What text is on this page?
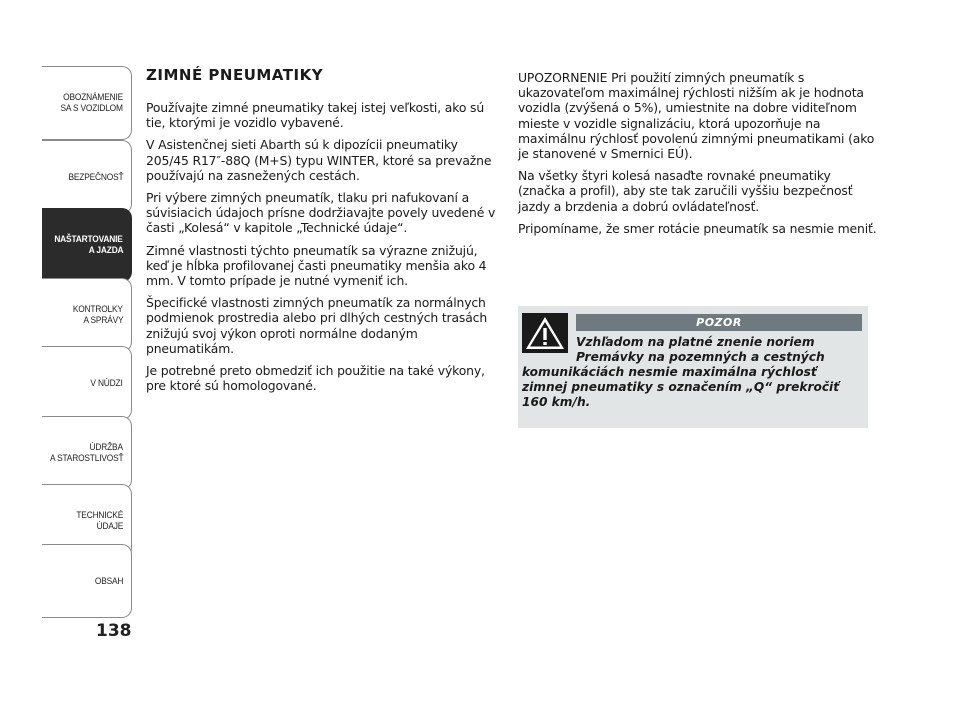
OBOZNÁMENIE
SA S VOZIDLOM
BEZPEČNOSŤ
NAŠTARTOVANIE
A JAZDA
KONTROLKY
A SPRÁVY
V NÚDZI
ÚDRŽBA
A STAROSTLIVOSŤ
TECHNICKÉ
ÚDAJE
OBSAH
138
ZIMNÉ PNEUMATIKY

Používajte zimné pneumatiky takej istej veľkosti, ako sú tie, ktorými je vozidlo vybavené.

V Asistenčnej sieti Abarth sú k dipozícii pneumatiky 205/45 R17″-88Q (M+S) typu WINTER, ktoré sa prevažne používajú na zasnežených cestách.

Pri výbere zimných pneumatík, tlaku pri nafukovaní a súvisiacich údajoch prísne dodržiavajte povely uvedené v časti „Kolesá“ v kapitole „Technické údaje“.

Zimné vlastnosti týchto pneumatík sa výrazne znižujú, keď je hĺbka profilovanej časti pneumatiky menšia ako 4 mm. V tomto prípade je nutné vymeniť ich.

Špecifické vlastnosti zimných pneumatík za normálnych podmienok prostredia alebo pri dlhých cestných trasách znižujú svoj výkon oproti normálne dodaným pneumatikám.

Je potrebné preto obmedziť ich použitie na také výkony, pre ktoré sú homologované.

UPOZORNENIE Pri použití zimných pneumatík s ukazovateľom maximálnej rýchlosti nižším ak je hodnota vozidla (zvýšená o 5%), umiestnite na dobre viditeľnom mieste v vozidle signalizáciu, ktorá upozorňuje na maximálnu rýchlosť povolenú zimnými pneumatikami (ako je stanovené v Smernici EÚ).

Na všetky štyri kolesá nasaďte rovnaké pneumatiky (značka a profil), aby ste tak zaručili vyššiu bezpečnosť jazdy a brzdenia a dobrú ovládateľnosť.

Pripomíname, že smer rotácie pneumatík sa nesmie meniť.

POZOR
Vzhľadom na platné znenie noriem
Premávky na pozemných a cestných
komunikáciách nesmie maximálna rýchlosť zimnej pneumatiky s označením „Q“ prekročiť 160 km/h.
